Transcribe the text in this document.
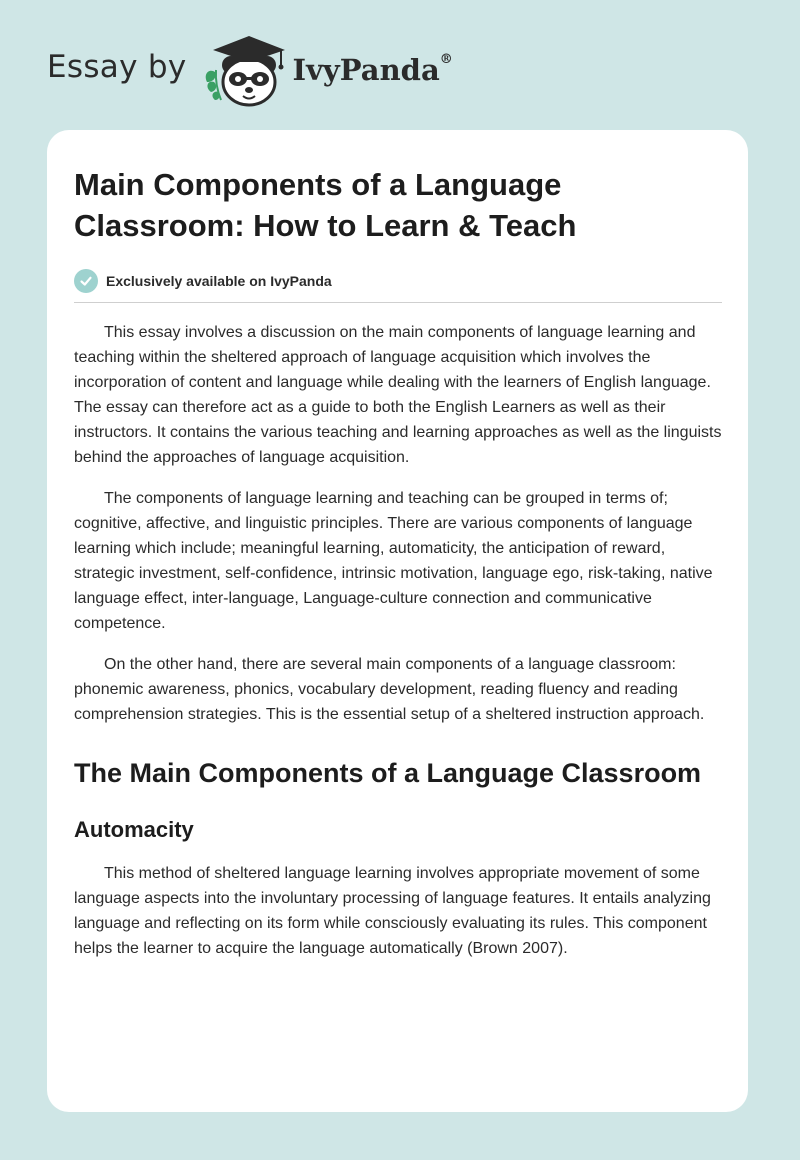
Essay by	IvyPanda®
Main Components of a Language Classroom: How to Learn & Teach
Exclusively available on IvyPanda

This essay involves a discussion on the main components of language learning and teaching within the sheltered approach of language acquisition which involves the incorporation of content and language while dealing with the learners of English language. The essay can therefore act as a guide to both the English Learners as well as their instructors. It contains the various teaching and learning approaches as well as the linguists behind the approaches of language acquisition.

The components of language learning and teaching can be grouped in terms of; cognitive, affective, and linguistic principles. There are various components of language learning which include; meaningful learning, automaticity, the anticipation of reward, strategic investment, self-confidence, intrinsic motivation, language ego, risk-taking, native language effect, inter-language, Language-culture connection and communicative competence.

On the other hand, there are several main components of a language classroom: phonemic awareness, phonics, vocabulary development, reading fluency and reading comprehension strategies. This is the essential setup of a sheltered instruction approach.

The Main Components of a Language Classroom
Automacity

This method of sheltered language learning involves appropriate movement of some language aspects into the involuntary processing of language features. It entails analyzing language and reflecting on its form while consciously evaluating its rules. This component helps the learner to acquire the language automatically (Brown 2007).
